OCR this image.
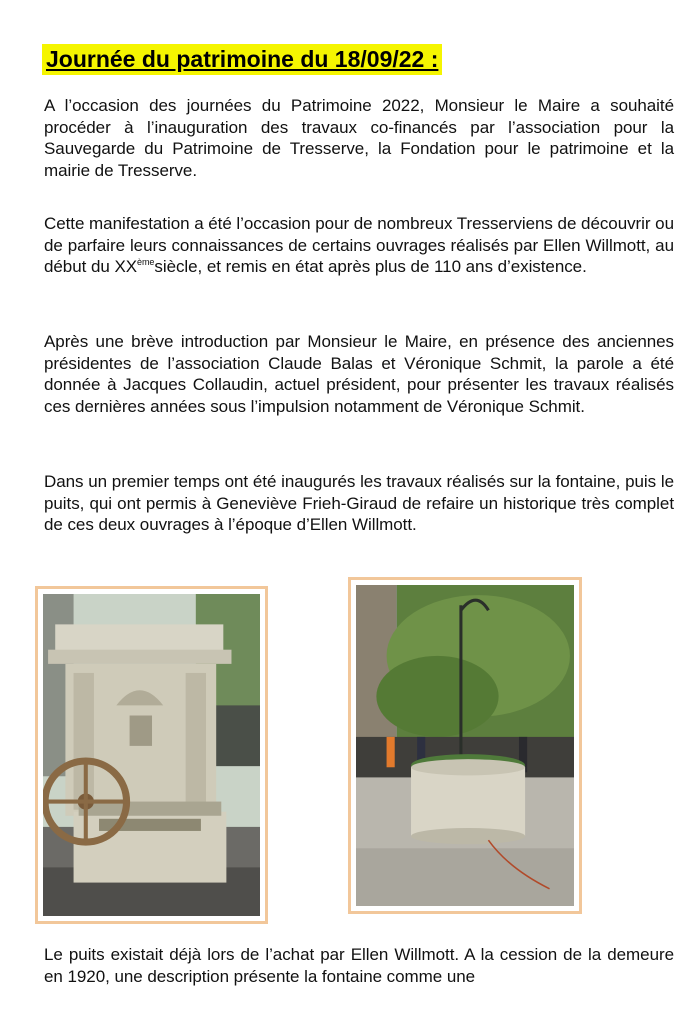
Journée du patrimoine du 18/09/22 :

A l’occasion des journées du Patrimoine 2022, Monsieur le Maire a souhaité procéder à l’inauguration des travaux co-financés par l’association pour la Sauvegarde du Patrimoine de Tresserve, la Fondation pour le patrimoine et la mairie de Tresserve.

Cette manifestation a été l’occasion pour de nombreux Tresserviens de découvrir ou de parfaire leurs connaissances de certains ouvrages réalisés par Ellen Willmott, au début du XXèmesiècle, et remis en état après plus de 110 ans d’existence.

Après une brève introduction par Monsieur le Maire, en présence des anciennes présidentes de l’association Claude Balas et Véronique Schmit, la parole a été donnée à Jacques Collaudin, actuel président, pour présenter les travaux réalisés ces dernières années sous l’impulsion notamment de Véronique Schmit.

Dans un premier temps ont été inaugurés les travaux réalisés sur la fontaine, puis le puits, qui ont permis à Geneviève Frieh-Giraud de refaire un historique très complet de ces deux ouvrages à l’époque d’Ellen Willmott.

Le puits existait déjà lors de l’achat par Ellen Willmott. A la cession de la demeure en 1920, une description présente la fontaine comme une
